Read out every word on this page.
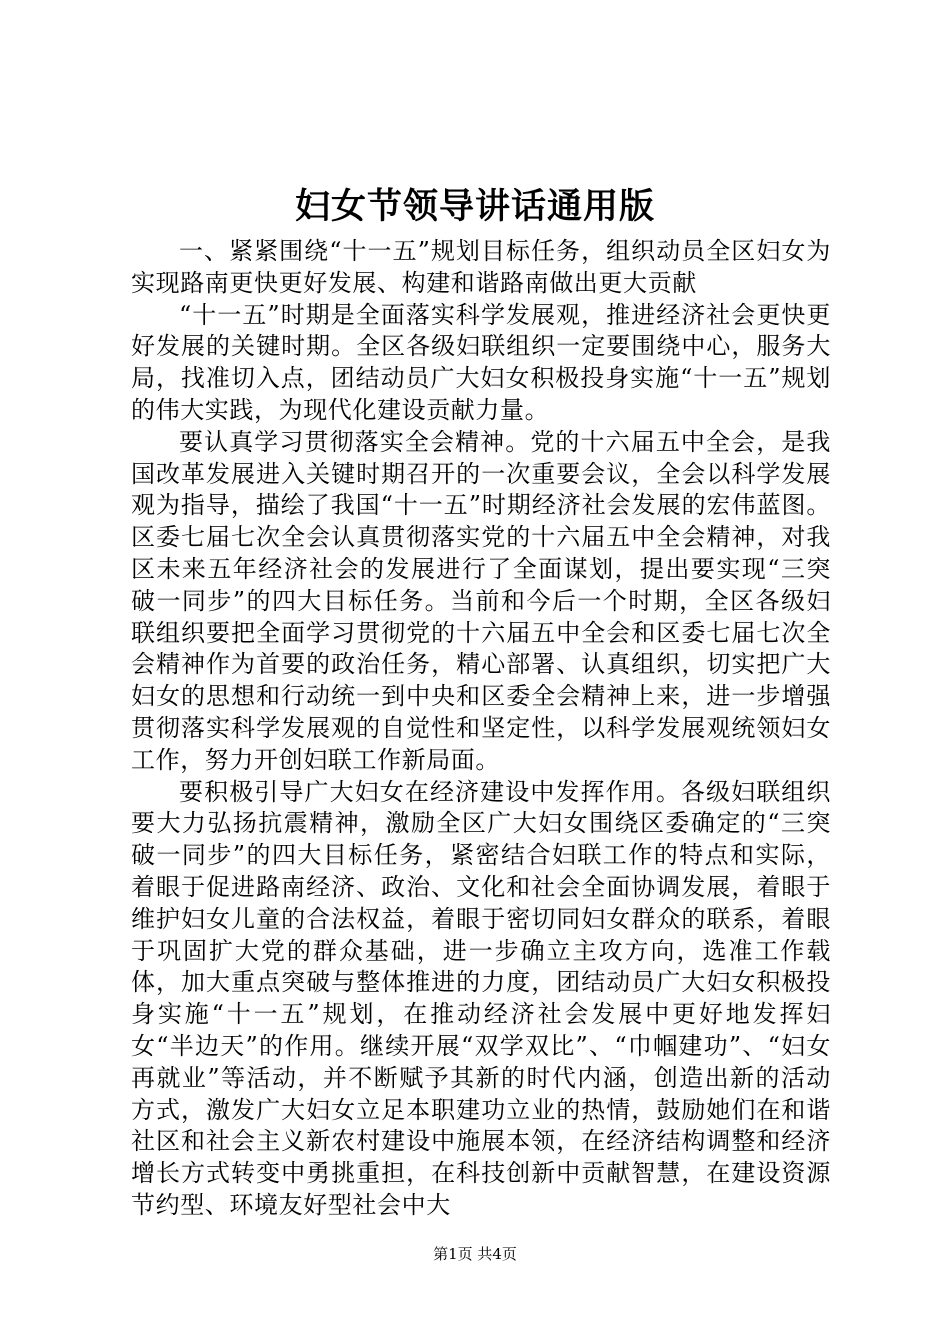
妇女节领导讲话通用版

一、紧紧围绕“十一五”规划目标任务，组织动员全区妇女为实现路南更快更好发展、构建和谐路南做出更大贡献

“十一五”时期是全面落实科学发展观，推进经济社会更快更好发展的关键时期。全区各级妇联组织一定要围绕中心，服务大局，找准切入点，团结动员广大妇女积极投身实施“十一五”规划的伟大实践，为现代化建设贡献力量。

要认真学习贯彻落实全会精神。党的十六届五中全会，是我国改革发展进入关键时期召开的一次重要会议，全会以科学发展观为指导，描绘了我国“十一五”时期经济社会发展的宏伟蓝图。区委七届七次全会认真贯彻落实党的十六届五中全会精神，对我区未来五年经济社会的发展进行了全面谋划，提出要实现“三突破一同步”的四大目标任务。当前和今后一个时期，全区各级妇联组织要把全面学习贯彻党的十六届五中全会和区委七届七次全会精神作为首要的政治任务，精心部署、认真组织，切实把广大妇女的思想和行动统一到中央和区委全会精神上来，进一步增强贯彻落实科学发展观的自觉性和坚定性，以科学发展观统领妇女工作，努力开创妇联工作新局面。

要积极引导广大妇女在经济建设中发挥作用。各级妇联组织要大力弘扬抗震精神，激励全区广大妇女围绕区委确定的“三突破一同步”的四大目标任务，紧密结合妇联工作的特点和实际，着眼于促进路南经济、政治、文化和社会全面协调发展，着眼于维护妇女儿童的合法权益，着眼于密切同妇女群众的联系，着眼于巩固扩大党的群众基础，进一步确立主攻方向，选准工作载体，加大重点突破与整体推进的力度，团结动员广大妇女积极投身实施“十一五”规划，在推动经济社会发展中更好地发挥妇女“半边天”的作用。继续开展“双学双比”、“巾帼建功”、“妇女再就业”等活动，并不断赋予其新的时代内涵，创造出新的活动方式，激发广大妇女立足本职建功立业的热情，鼓励她们在和谐社区和社会主义新农村建设中施展本领，在经济结构调整和经济增长方式转变中勇挑重担，在科技创新中贡献智慧，在建设资源节约型、环境友好型社会中大

第1页 共4页
